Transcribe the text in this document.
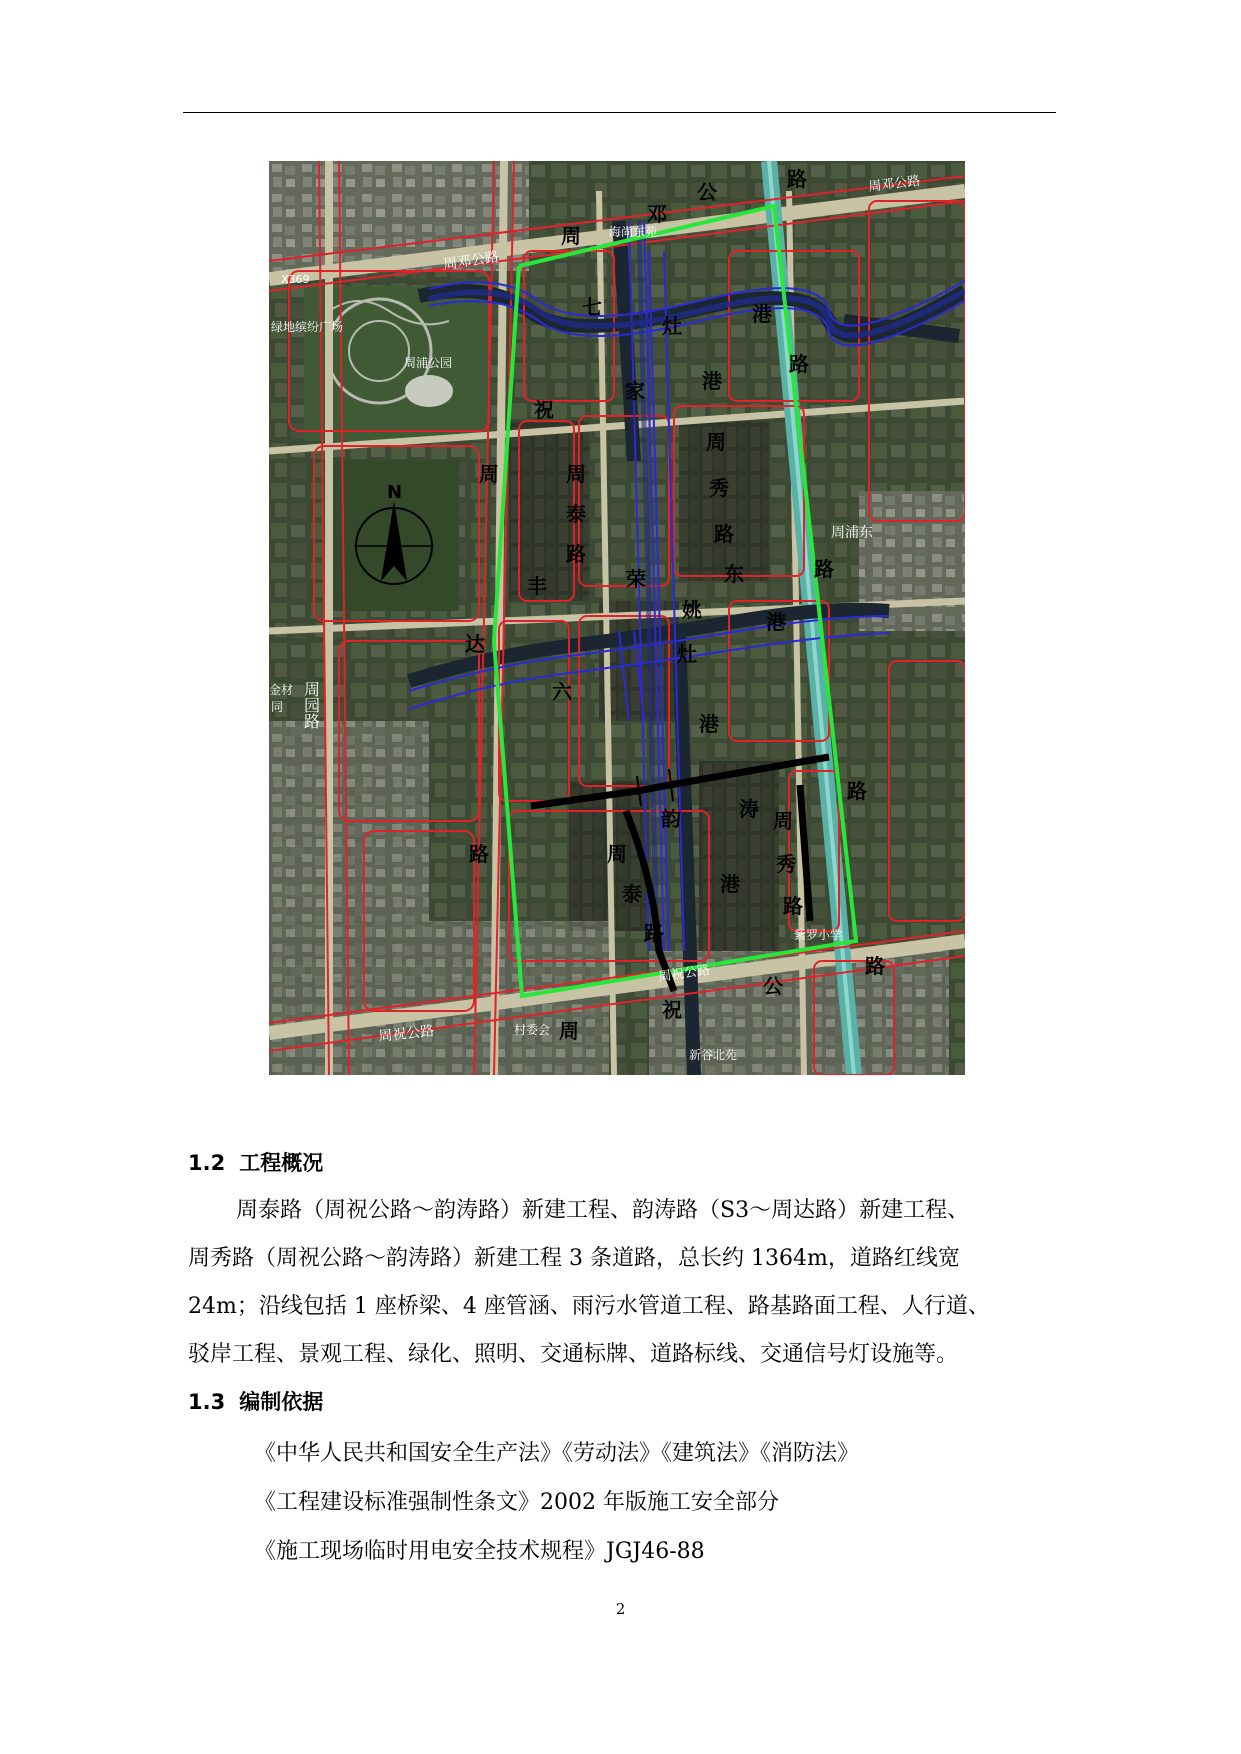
N
海尚东苑
周邓公路
X369
周邓公路
绿地缤纷广场
周浦公园
周浦东
金材
同
紫罗小学
周祝公路
周祝公路	村委会
新谷北苑
周
邓
公
路
七
灶	港
路
祝
家	港
周
泰
路
周
秀
路
东
周
达
路
丰	荣
姚
灶
港
路
六
港
韵	涛
路
周
泰
路
周
秀
路
港
路
公
祝
周
周园路
1.2 工程概况
周泰路（周祝公路～韵涛路）新建工程、韵涛路（S3～周达路）新建工程、
周秀路（周祝公路～韵涛路）新建工程 3 条道路，总长约 1364m，道路红线宽
24m；沿线包括 1 座桥梁、4 座管涵、雨污水管道工程、路基路面工程、人行道、
驳岸工程、景观工程、绿化、照明、交通标牌、道路标线、交通信号灯设施等。
1.3 编制依据
《中华人民共和国安全生产法》《劳动法》《建筑法》《消防法》
《工程建设标准强制性条文》2002 年版施工安全部分
《施工现场临时用电安全技术规程》JGJ46-88
2
